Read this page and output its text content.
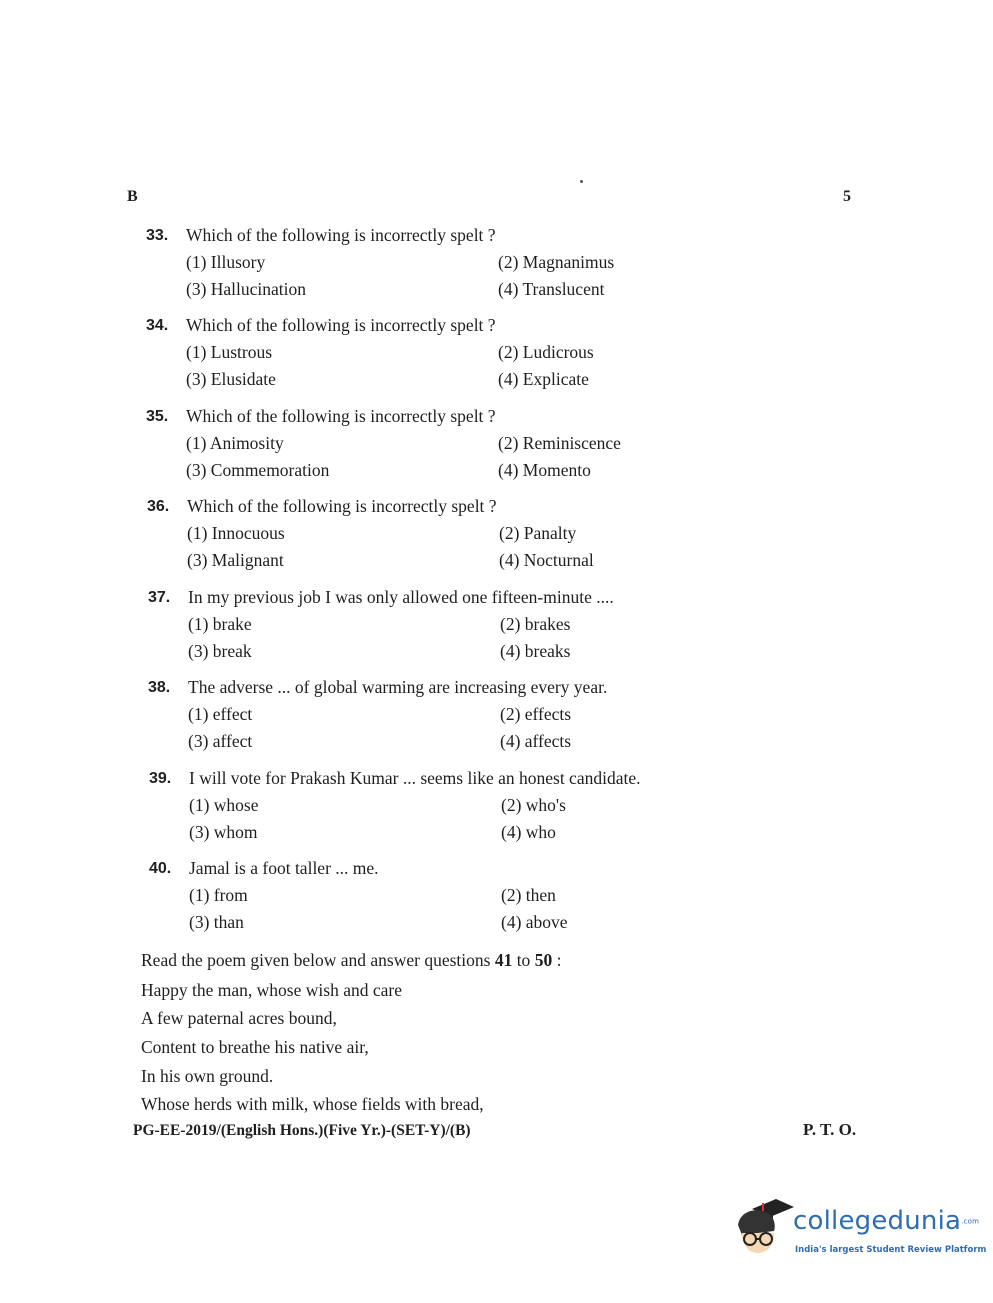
B	5
33. Which of the following is incorrectly spelt ?
(1) Illusory	(2) Magnanimus
(3) Hallucination	(4) Translucent
34. Which of the following is incorrectly spelt ?
(1) Lustrous	(2) Ludicrous
(3) Elusidate	(4) Explicate
35. Which of the following is incorrectly spelt ?
(1) Animosity	(2) Reminiscence
(3) Commemoration	(4) Momento
36. Which of the following is incorrectly spelt ?
(1) Innocuous	(2) Panalty
(3) Malignant	(4) Nocturnal
37. In my previous job I was only allowed one fifteen-minute ....
(1) brake	(2) brakes
(3) break	(4) breaks
38. The adverse ... of global warming are increasing every year.
(1) effect	(2) effects
(3) affect	(4) affects
39. I will vote for Prakash Kumar ... seems like an honest candidate.
(1) whose	(2) who's
(3) whom	(4) who
40. Jamal is a foot taller ... me.
(1) from	(2) then
(3) than	(4) above
Read the poem given below and answer questions 41 to 50 :
Happy the man, whose wish and care
A few paternal acres bound,
Content to breathe his native air,
In his own ground.
Whose herds with milk, whose fields with bread,
PG-EE-2019/(English Hons.)(Five Yr.)-(SET-Y)/(B)	P. T. O.
collegedunia.com
India's largest Student Review Platform
